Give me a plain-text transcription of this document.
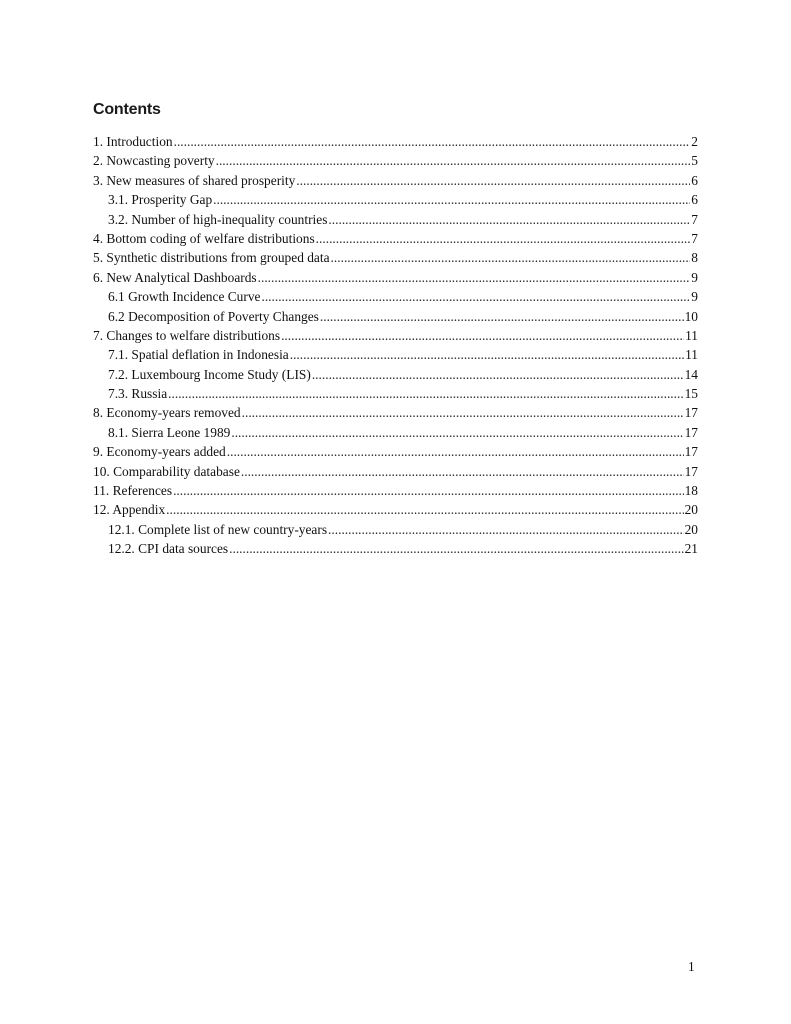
Contents
1. Introduction .....	2
2. Nowcasting poverty .....	5
3. New measures of shared prosperity .....	6
3.1. Prosperity Gap .....	6
3.2. Number of high-inequality countries .....	7
4. Bottom coding of welfare distributions .....	7
5. Synthetic distributions from grouped data .....	8
6. New Analytical Dashboards .....	9
6.1 Growth Incidence Curve .....	9
6.2 Decomposition of Poverty Changes .....	10
7. Changes to welfare distributions .....	11
7.1. Spatial deflation in Indonesia .....	11
7.2. Luxembourg Income Study (LIS) .....	14
7.3. Russia .....	15
8. Economy-years removed .....	17
8.1. Sierra Leone 1989 .....	17
9. Economy-years added .....	17
10. Comparability database .....	17
11. References .....	18
12. Appendix .....	20
12.1. Complete list of new country-years .....	20
12.2. CPI data sources .....	21
1
